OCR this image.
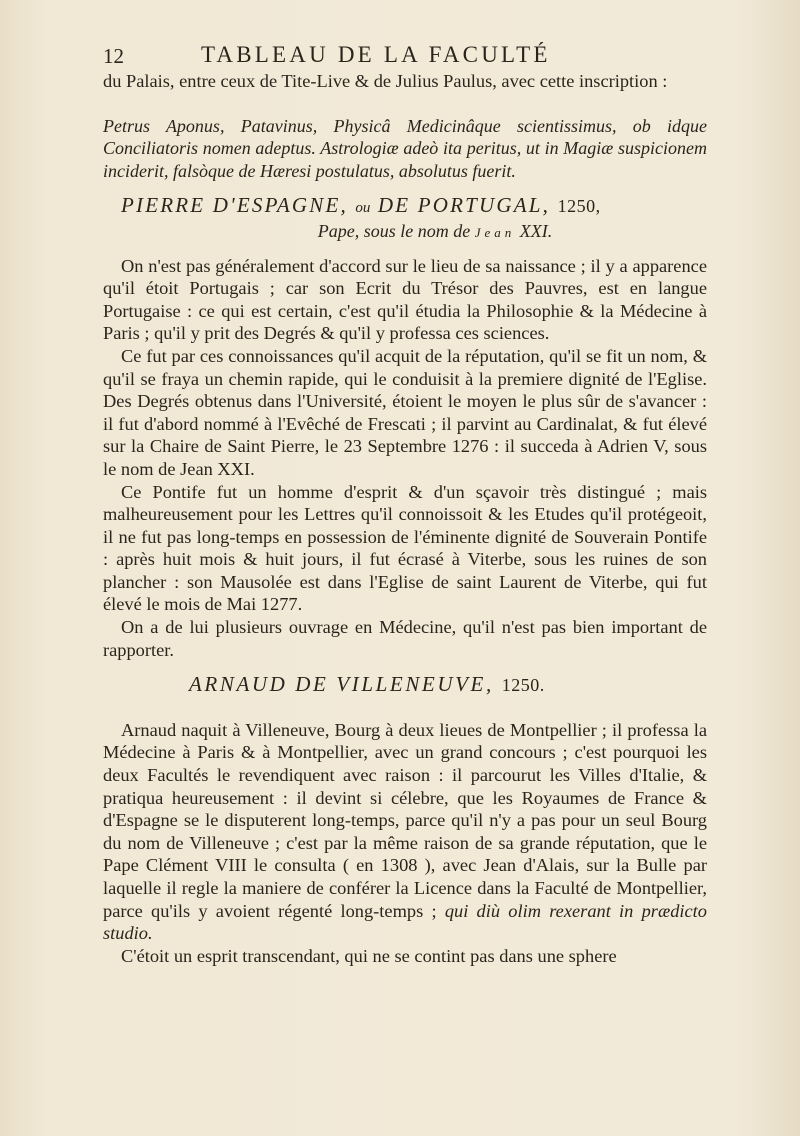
12	TABLEAU DE LA FACULTÉ

du Palais, entre ceux de Tite-Live & de Julius Paulus, avec cette inscription :

Petrus Aponus, Patavinus, Physicâ Medicinâque scientissimus, ob idque Conciliatoris nomen adeptus. Astrologiæ adeò ita peritus, ut in Magiæ suspicionem inciderit, falsòque de Hæresi postulatus, absolutus fuerit.

PIERRE D'ESPAGNE, ou DE PORTUGAL, 1250,

Pape, sous le nom de Jean XXI.

On n'est pas généralement d'accord sur le lieu de sa naissance ; il y a apparence qu'il étoit Portugais ; car son Ecrit du Trésor des Pauvres, est en langue Portugaise : ce qui est certain, c'est qu'il étudia la Philosophie & la Médecine à Paris ; qu'il y prit des Degrés & qu'il y professa ces sciences.

Ce fut par ces connoissances qu'il acquit de la réputation, qu'il se fit un nom, & qu'il se fraya un chemin rapide, qui le conduisit à la premiere dignité de l'Eglise. Des Degrés obtenus dans l'Université, étoient le moyen le plus sûr de s'avancer : il fut d'abord nommé à l'Evêché de Frescati ; il parvint au Cardinalat, & fut élevé sur la Chaire de Saint Pierre, le 23 Septembre 1276 : il succeda à Adrien V, sous le nom de Jean XXI.

Ce Pontife fut un homme d'esprit & d'un sçavoir très distingué ; mais malheureusement pour les Lettres qu'il connoissoit & les Etudes qu'il protégeoit, il ne fut pas long-temps en possession de l'éminente dignité de Souverain Pontife : après huit mois & huit jours, il fut écrasé à Viterbe, sous les ruines de son plancher : son Mausolée est dans l'Eglise de saint Laurent de Viterbe, qui fut élevé le mois de Mai 1277.

On a de lui plusieurs ouvrage en Médecine, qu'il n'est pas bien important de rapporter.

ARNAUD DE VILLENEUVE, 1250.

Arnaud naquit à Villeneuve, Bourg à deux lieues de Montpellier ; il professa la Médecine à Paris & à Montpellier, avec un grand concours ; c'est pourquoi les deux Facultés le revendiquent avec raison : il parcourut les Villes d'Italie, & pratiqua heureusement : il devint si célebre, que les Royaumes de France & d'Espagne se le disputerent long-temps, parce qu'il n'y a pas pour un seul Bourg du nom de Villeneuve ; c'est par la même raison de sa grande réputation, que le Pape Clément VIII le consulta ( en 1308 ), avec Jean d'Alais, sur la Bulle par laquelle il regle la maniere de conférer la Licence dans la Faculté de Montpellier, parce qu'ils y avoient régenté long-temps ; qui diù olim rexerant in prædicto studio.

C'étoit un esprit transcendant, qui ne se contint pas dans une sphere
